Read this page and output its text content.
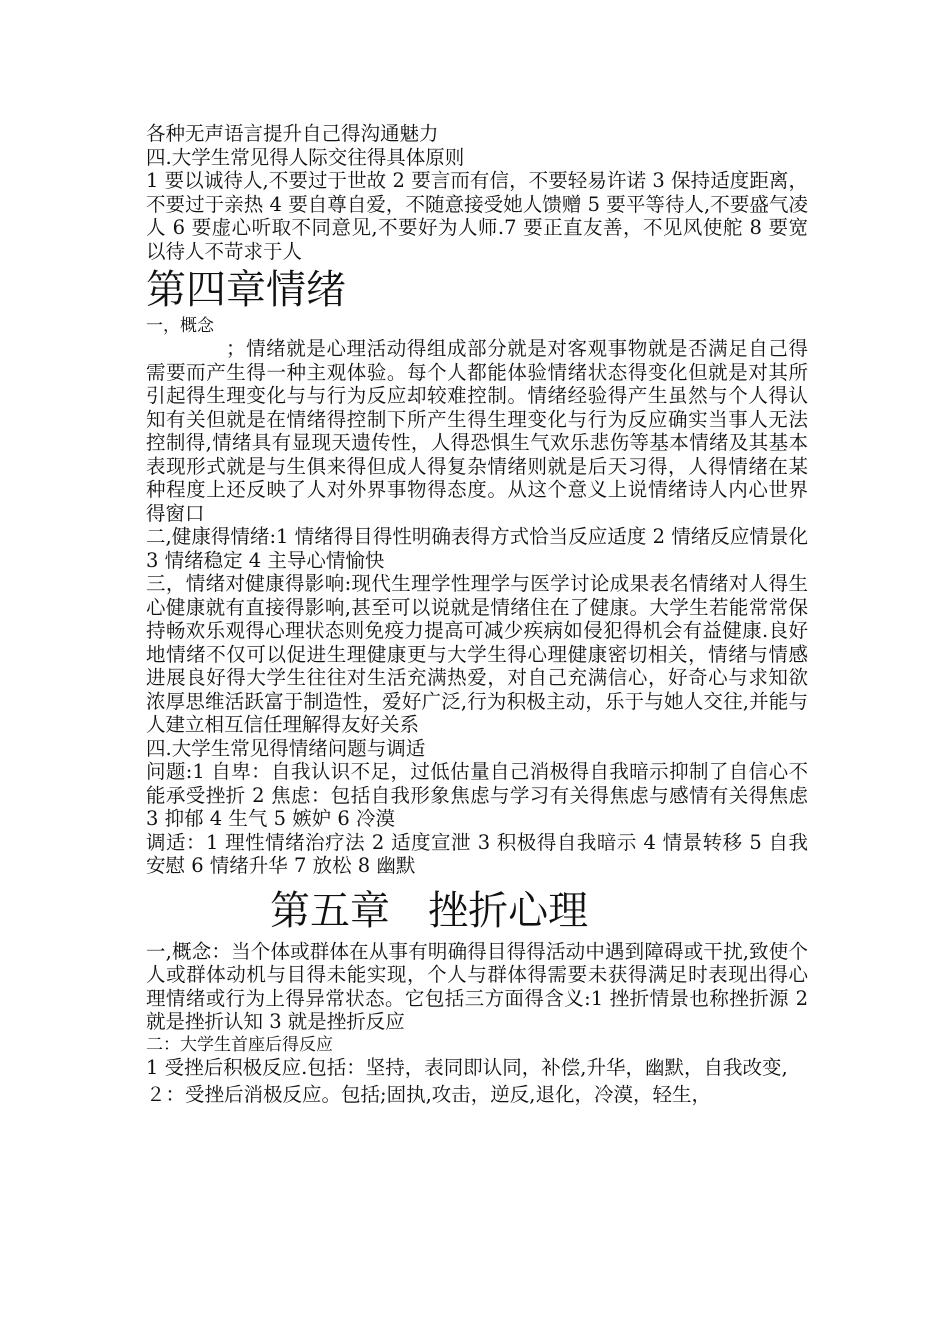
各种无声语言提升自己得沟通魅力

四.大学生常见得人际交往得具体原则

1 要以诚待人,不要过于世故 2 要言而有信，不要轻易许诺 3 保持适度距离，不要过于亲热 4 要自尊自爱，不随意接受她人馈赠 5 要平等待人,不要盛气凌人 6 要虚心听取不同意见,不要好为人师.7 要正直友善，不见风使舵 8 要宽以待人不苛求于人

第四章情绪

一，概念

；情绪就是心理活动得组成部分就是对客观事物就是否满足自己得需要而产生得一种主观体验。每个人都能体验情绪状态得变化但就是对其所引起得生理变化与与行为反应却较难控制。情绪经验得产生虽然与个人得认知有关但就是在情绪得控制下所产生得生理变化与行为反应确实当事人无法控制得,情绪具有显现天遗传性，人得恐惧生气欢乐悲伤等基本情绪及其基本表现形式就是与生俱来得但成人得复杂情绪则就是后天习得，人得情绪在某种程度上还反映了人对外界事物得态度。从这个意义上说情绪诗人内心世界得窗口

二,健康得情绪:1 情绪得目得性明确表得方式恰当反应适度 2 情绪反应情景化 3 情绪稳定 4 主导心情愉快

三，情绪对健康得影响:现代生理学性理学与医学讨论成果表名情绪对人得生心健康就有直接得影响,甚至可以说就是情绪住在了健康。大学生若能常常保持畅欢乐观得心理状态则免疫力提高可减少疾病如侵犯得机会有益健康.良好地情绪不仅可以促进生理健康更与大学生得心理健康密切相关，情绪与情感进展良好得大学生往往对生活充满热爱，对自己充满信心，好奇心与求知欲浓厚思维活跃富于制造性，爱好广泛,行为积极主动，乐于与她人交往,并能与人建立相互信任理解得友好关系

四.大学生常见得情绪问题与调适

问题:1 自卑：自我认识不足，过低估量自己消极得自我暗示抑制了自信心不能承受挫折 2 焦虑：包括自我形象焦虑与学习有关得焦虑与感情有关得焦虑 3 抑郁 4 生气 5 嫉妒 6 冷漠

调适：1 理性情绪治疗法 2 适度宣泄 3 积极得自我暗示 4 情景转移 5 自我安慰 6 情绪升华 7 放松 8 幽默

第五章   挫折心理

一,概念：当个体或群体在从事有明确得目得得活动中遇到障碍或干扰,致使个人或群体动机与目得未能实现，个人与群体得需要未获得满足时表现出得心理情绪或行为上得异常状态。它包括三方面得含义:1 挫折情景也称挫折源 2 就是挫折认知 3 就是挫折反应

二：大学生首座后得反应

1 受挫后积极反应.包括：坚持，表同即认同，补偿,升华，幽默，自我改变,

２：受挫后消极反应。包括;固执,攻击，逆反,退化，冷漠，轻生，
